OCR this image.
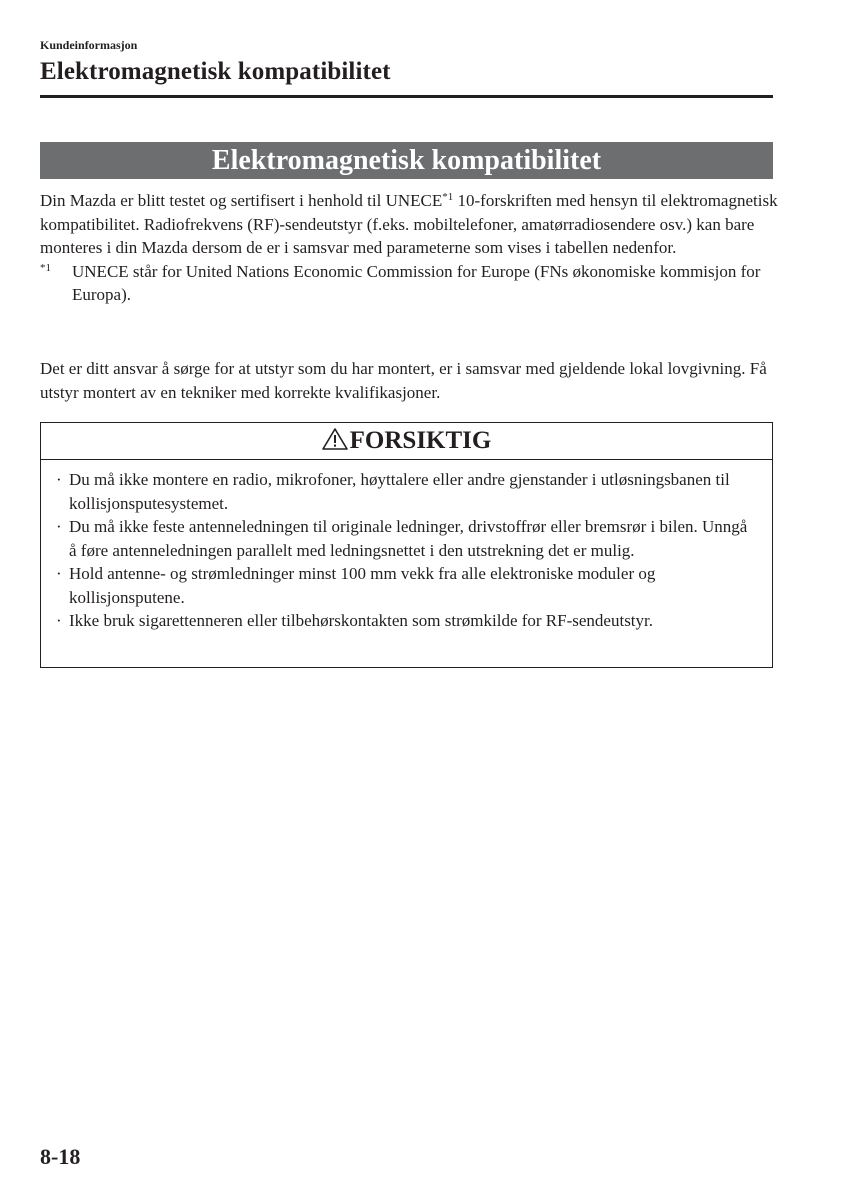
Kundeinformasjon
Elektromagnetisk kompatibilitet
Elektromagnetisk kompatibilitet

Din Mazda er blitt testet og sertifisert i henhold til UNECE$^{*1}$ 10-forskriften med hensyn til elektromagnetisk kompatibilitet. Radiofrekvens (RF)-sendeutstyr (f.eks. mobiltelefoner, amatørradiosendere osv.) kan bare monteres i din Mazda dersom de er i samsvar med parameterne som vises i tabellen nedenfor.

$^{*1}$ UNECE står for United Nations Economic Commission for Europe (FNs økonomiske kommisjon for Europa).

Det er ditt ansvar å sørge for at utstyr som du har montert, er i samsvar med gjeldende lokal lovgivning. Få utstyr montert av en tekniker med korrekte kvalifikasjoner.

FORSIKTIG
· Du må ikke montere en radio, mikrofoner, høyttalere eller andre gjenstander i utløsningsbanen til kollisjonsputesystemet.
· Du må ikke feste antenneledningen til originale ledninger, drivstoffrør eller bremsrør i bilen. Unngå å føre antenneledningen parallelt med ledningsnettet i den utstrekning det er mulig.
· Hold antenne- og strømledninger minst 100 mm vekk fra alle elektroniske moduler og kollisjonsputene.
· Ikke bruk sigarettenneren eller tilbehørskontakten som strømkilde for RF-sendeutstyr.
8-18
